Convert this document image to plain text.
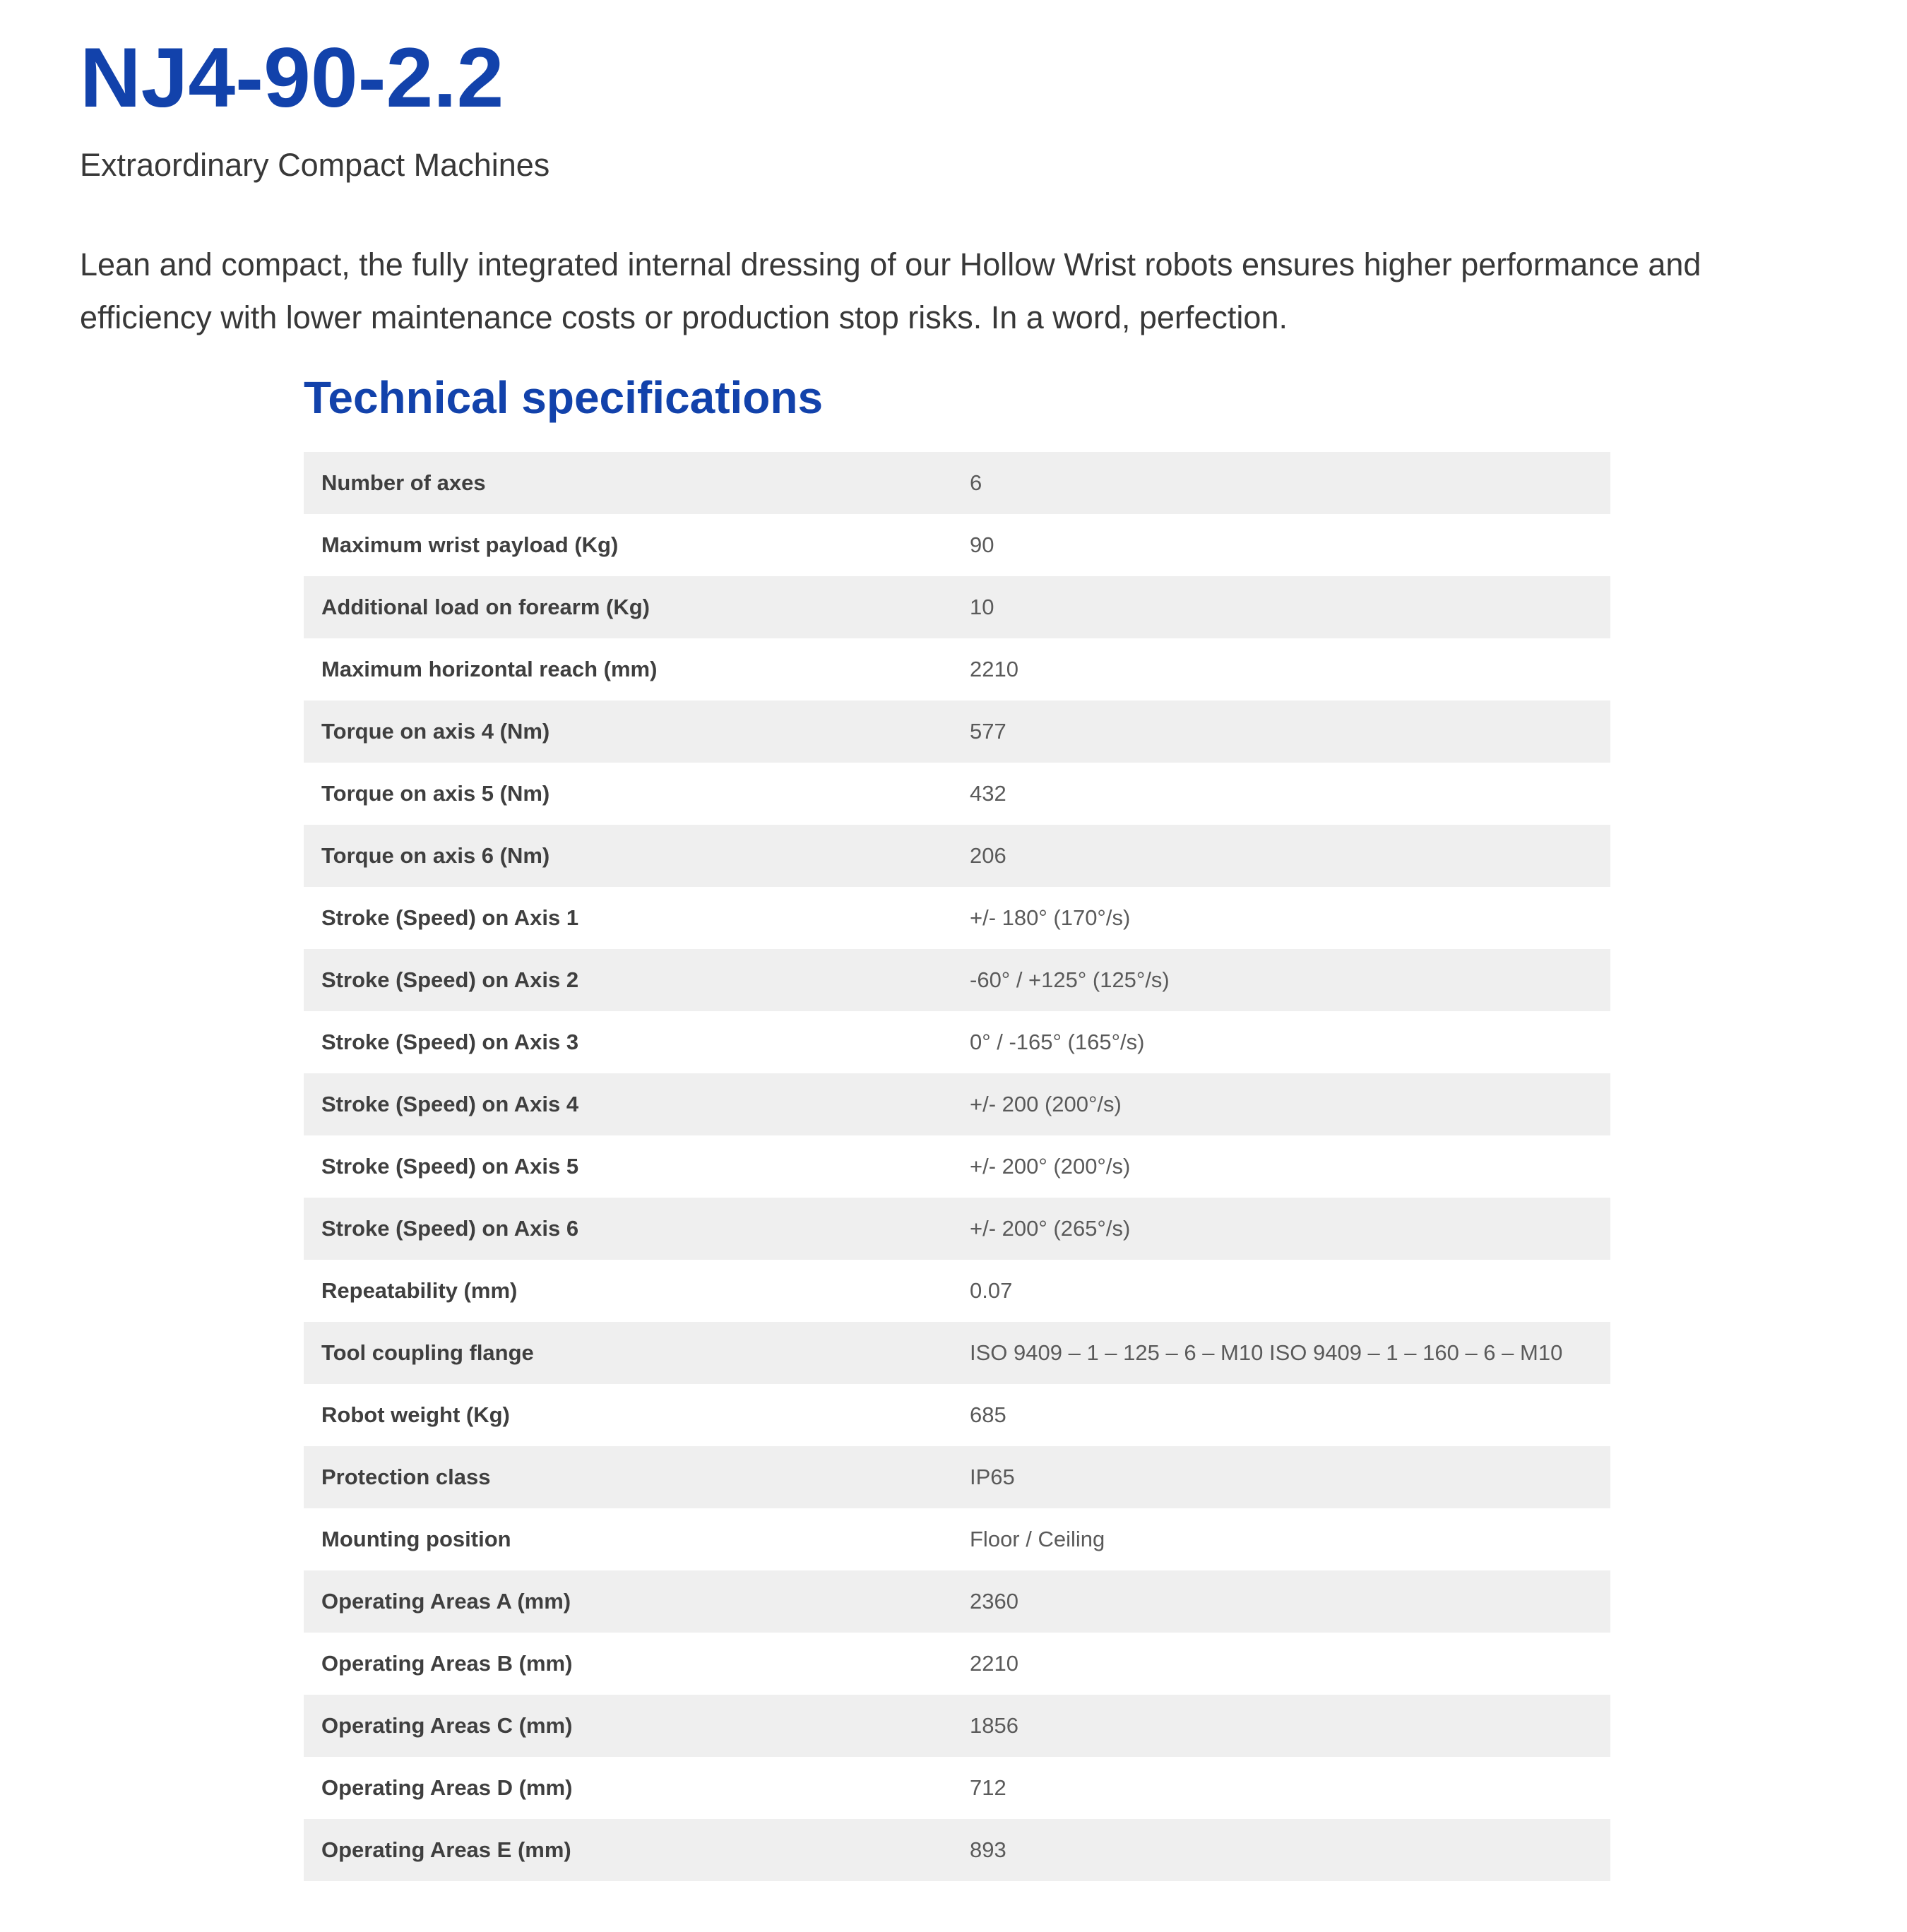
NJ4-90-2.2

Extraordinary Compact Machines

Lean and compact, the fully integrated internal dressing of our Hollow Wrist robots ensures higher performance and efficiency with lower maintenance costs or production stop risks. In a word, perfection.

Technical specifications
Number of axes	6
Maximum wrist payload (Kg)	90
Additional load on forearm (Kg)	10
Maximum horizontal reach (mm)	2210
Torque on axis 4 (Nm)	577
Torque on axis 5 (Nm)	432
Torque on axis 6 (Nm)	206
Stroke (Speed) on Axis 1	+/- 180° (170°/s)
Stroke (Speed) on Axis 2	-60° / +125° (125°/s)
Stroke (Speed) on Axis 3	0° / -165° (165°/s)
Stroke (Speed) on Axis 4	+/- 200 (200°/s)
Stroke (Speed) on Axis 5	+/- 200° (200°/s)
Stroke (Speed) on Axis 6	+/- 200° (265°/s)
Repeatability (mm)	0.07
Tool coupling flange	ISO 9409 – 1 – 125 – 6 – M10 ISO 9409 – 1 – 160 – 6 – M10
Robot weight (Kg)	685
Protection class	IP65
Mounting position	Floor / Ceiling
Operating Areas A (mm)	2360
Operating Areas B (mm)	2210
Operating Areas C (mm)	1856
Operating Areas D (mm)	712
Operating Areas E (mm)	893
